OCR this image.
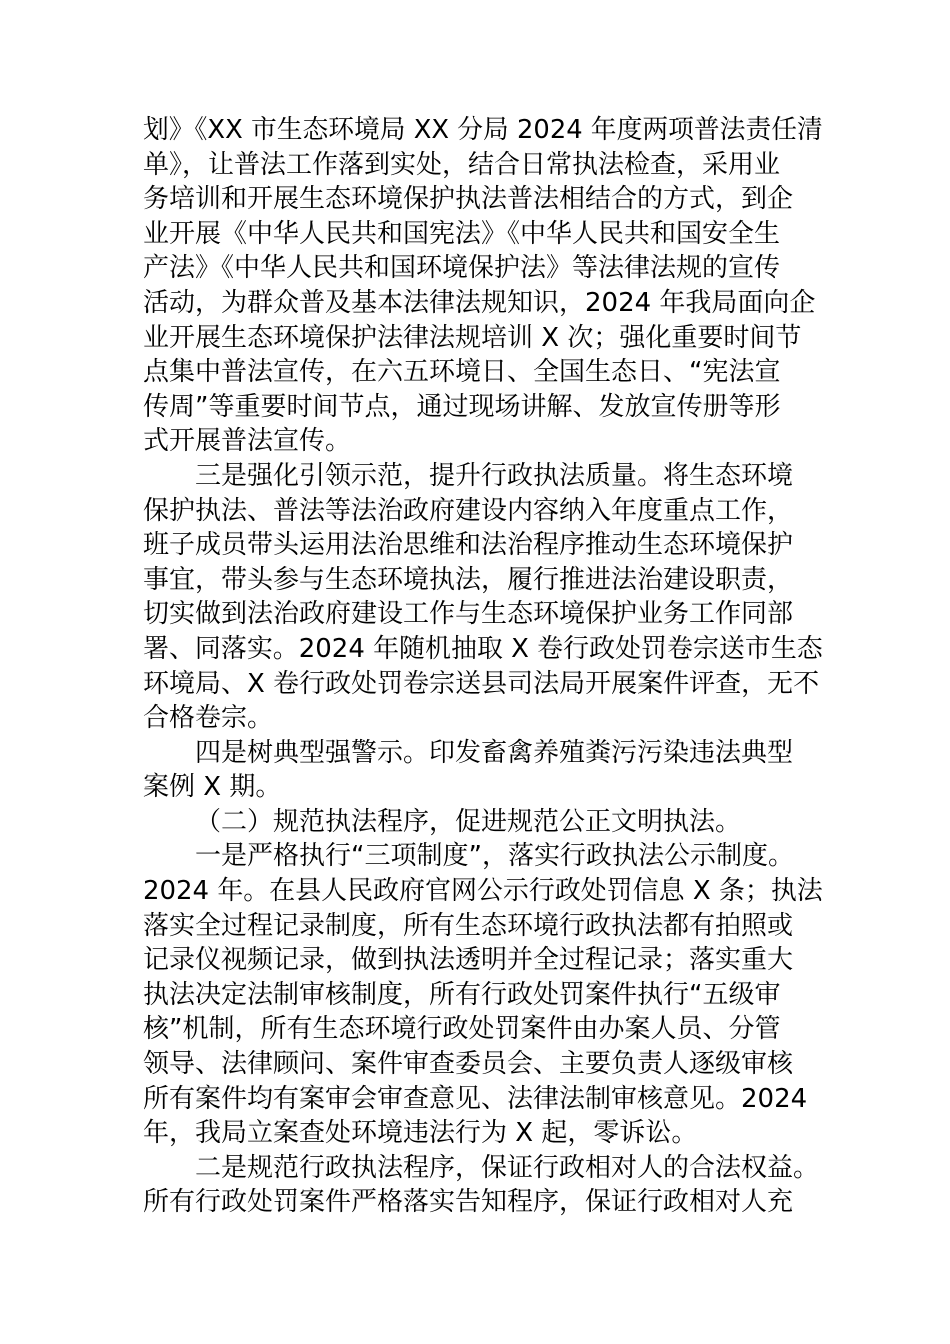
划》《XX 市生态环境局 XX 分局 2024 年度两项普法责任清
单》，让普法工作落到实处，结合日常执法检查，采用业
务培训和开展生态环境保护执法普法相结合的方式，到企
业开展《中华人民共和国宪法》《中华人民共和国安全生
产法》《中华人民共和国环境保护法》等法律法规的宣传
活动，为群众普及基本法律法规知识，2024 年我局面向企
业开展生态环境保护法律法规培训 X 次；强化重要时间节
点集中普法宣传，在六五环境日、全国生态日、“宪法宣
传周”等重要时间节点，通过现场讲解、发放宣传册等形
式开展普法宣传。
三是强化引领示范，提升行政执法质量。将生态环境
保护执法、普法等法治政府建设内容纳入年度重点工作，
班子成员带头运用法治思维和法治程序推动生态环境保护
事宜，带头参与生态环境执法，履行推进法治建设职责，
切实做到法治政府建设工作与生态环境保护业务工作同部
署、同落实。2024 年随机抽取 X 卷行政处罚卷宗送市生态
环境局、X 卷行政处罚卷宗送县司法局开展案件评查，无不
合格卷宗。
四是树典型强警示。印发畜禽养殖粪污污染违法典型
案例 X 期。
（二）规范执法程序，促进规范公正文明执法。
一是严格执行“三项制度”，落实行政执法公示制度。
2024 年。在县人民政府官网公示行政处罚信息 X 条；执法
落实全过程记录制度，所有生态环境行政执法都有拍照或
记录仪视频记录，做到执法透明并全过程记录；落实重大
执法决定法制审核制度，所有行政处罚案件执行“五级审
核”机制，所有生态环境行政处罚案件由办案人员、分管
领导、法律顾问、案件审查委员会、主要负责人逐级审核
所有案件均有案审会审查意见、法律法制审核意见。2024
年，我局立案查处环境违法行为 X 起，零诉讼。
二是规范行政执法程序，保证行政相对人的合法权益。
所有行政处罚案件严格落实告知程序，保证行政相对人充
